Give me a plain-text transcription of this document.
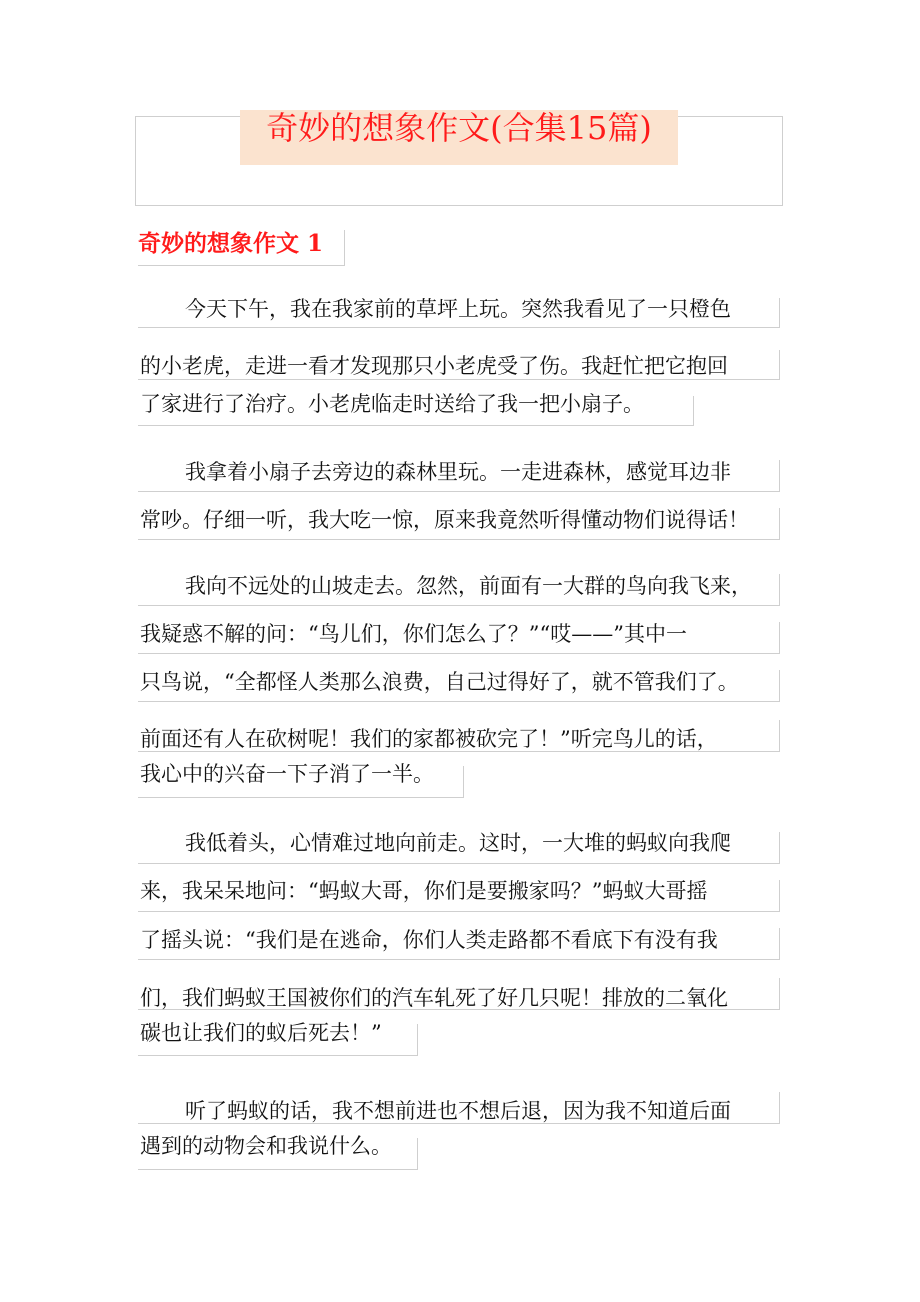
奇妙的想象作文(合集15篇)
奇妙的想象作文 1

今天下午，我在我家前的草坪上玩。突然我看见了一只橙色

的小老虎，走进一看才发现那只小老虎受了伤。我赶忙把它抱回

了家进行了治疗。小老虎临走时送给了我一把小扇子。

我拿着小扇子去旁边的森林里玩。一走进森林，感觉耳边非

常吵。仔细一听，我大吃一惊，原来我竟然听得懂动物们说得话！

我向不远处的山坡走去。忽然，前面有一大群的鸟向我飞来，

我疑惑不解的问：“鸟儿们，你们怎么了？”“哎——”其中一

只鸟说，“全都怪人类那么浪费，自己过得好了，就不管我们了。

前面还有人在砍树呢！我们的家都被砍完了！”听完鸟儿的话，

我心中的兴奋一下子消了一半。

我低着头，心情难过地向前走。这时，一大堆的蚂蚁向我爬

来，我呆呆地问：“蚂蚁大哥，你们是要搬家吗？”蚂蚁大哥摇

了摇头说：“我们是在逃命，你们人类走路都不看底下有没有我

们，我们蚂蚁王国被你们的汽车轧死了好几只呢！排放的二氧化

碳也让我们的蚁后死去！”

听了蚂蚁的话，我不想前进也不想后退，因为我不知道后面

遇到的动物会和我说什么。
